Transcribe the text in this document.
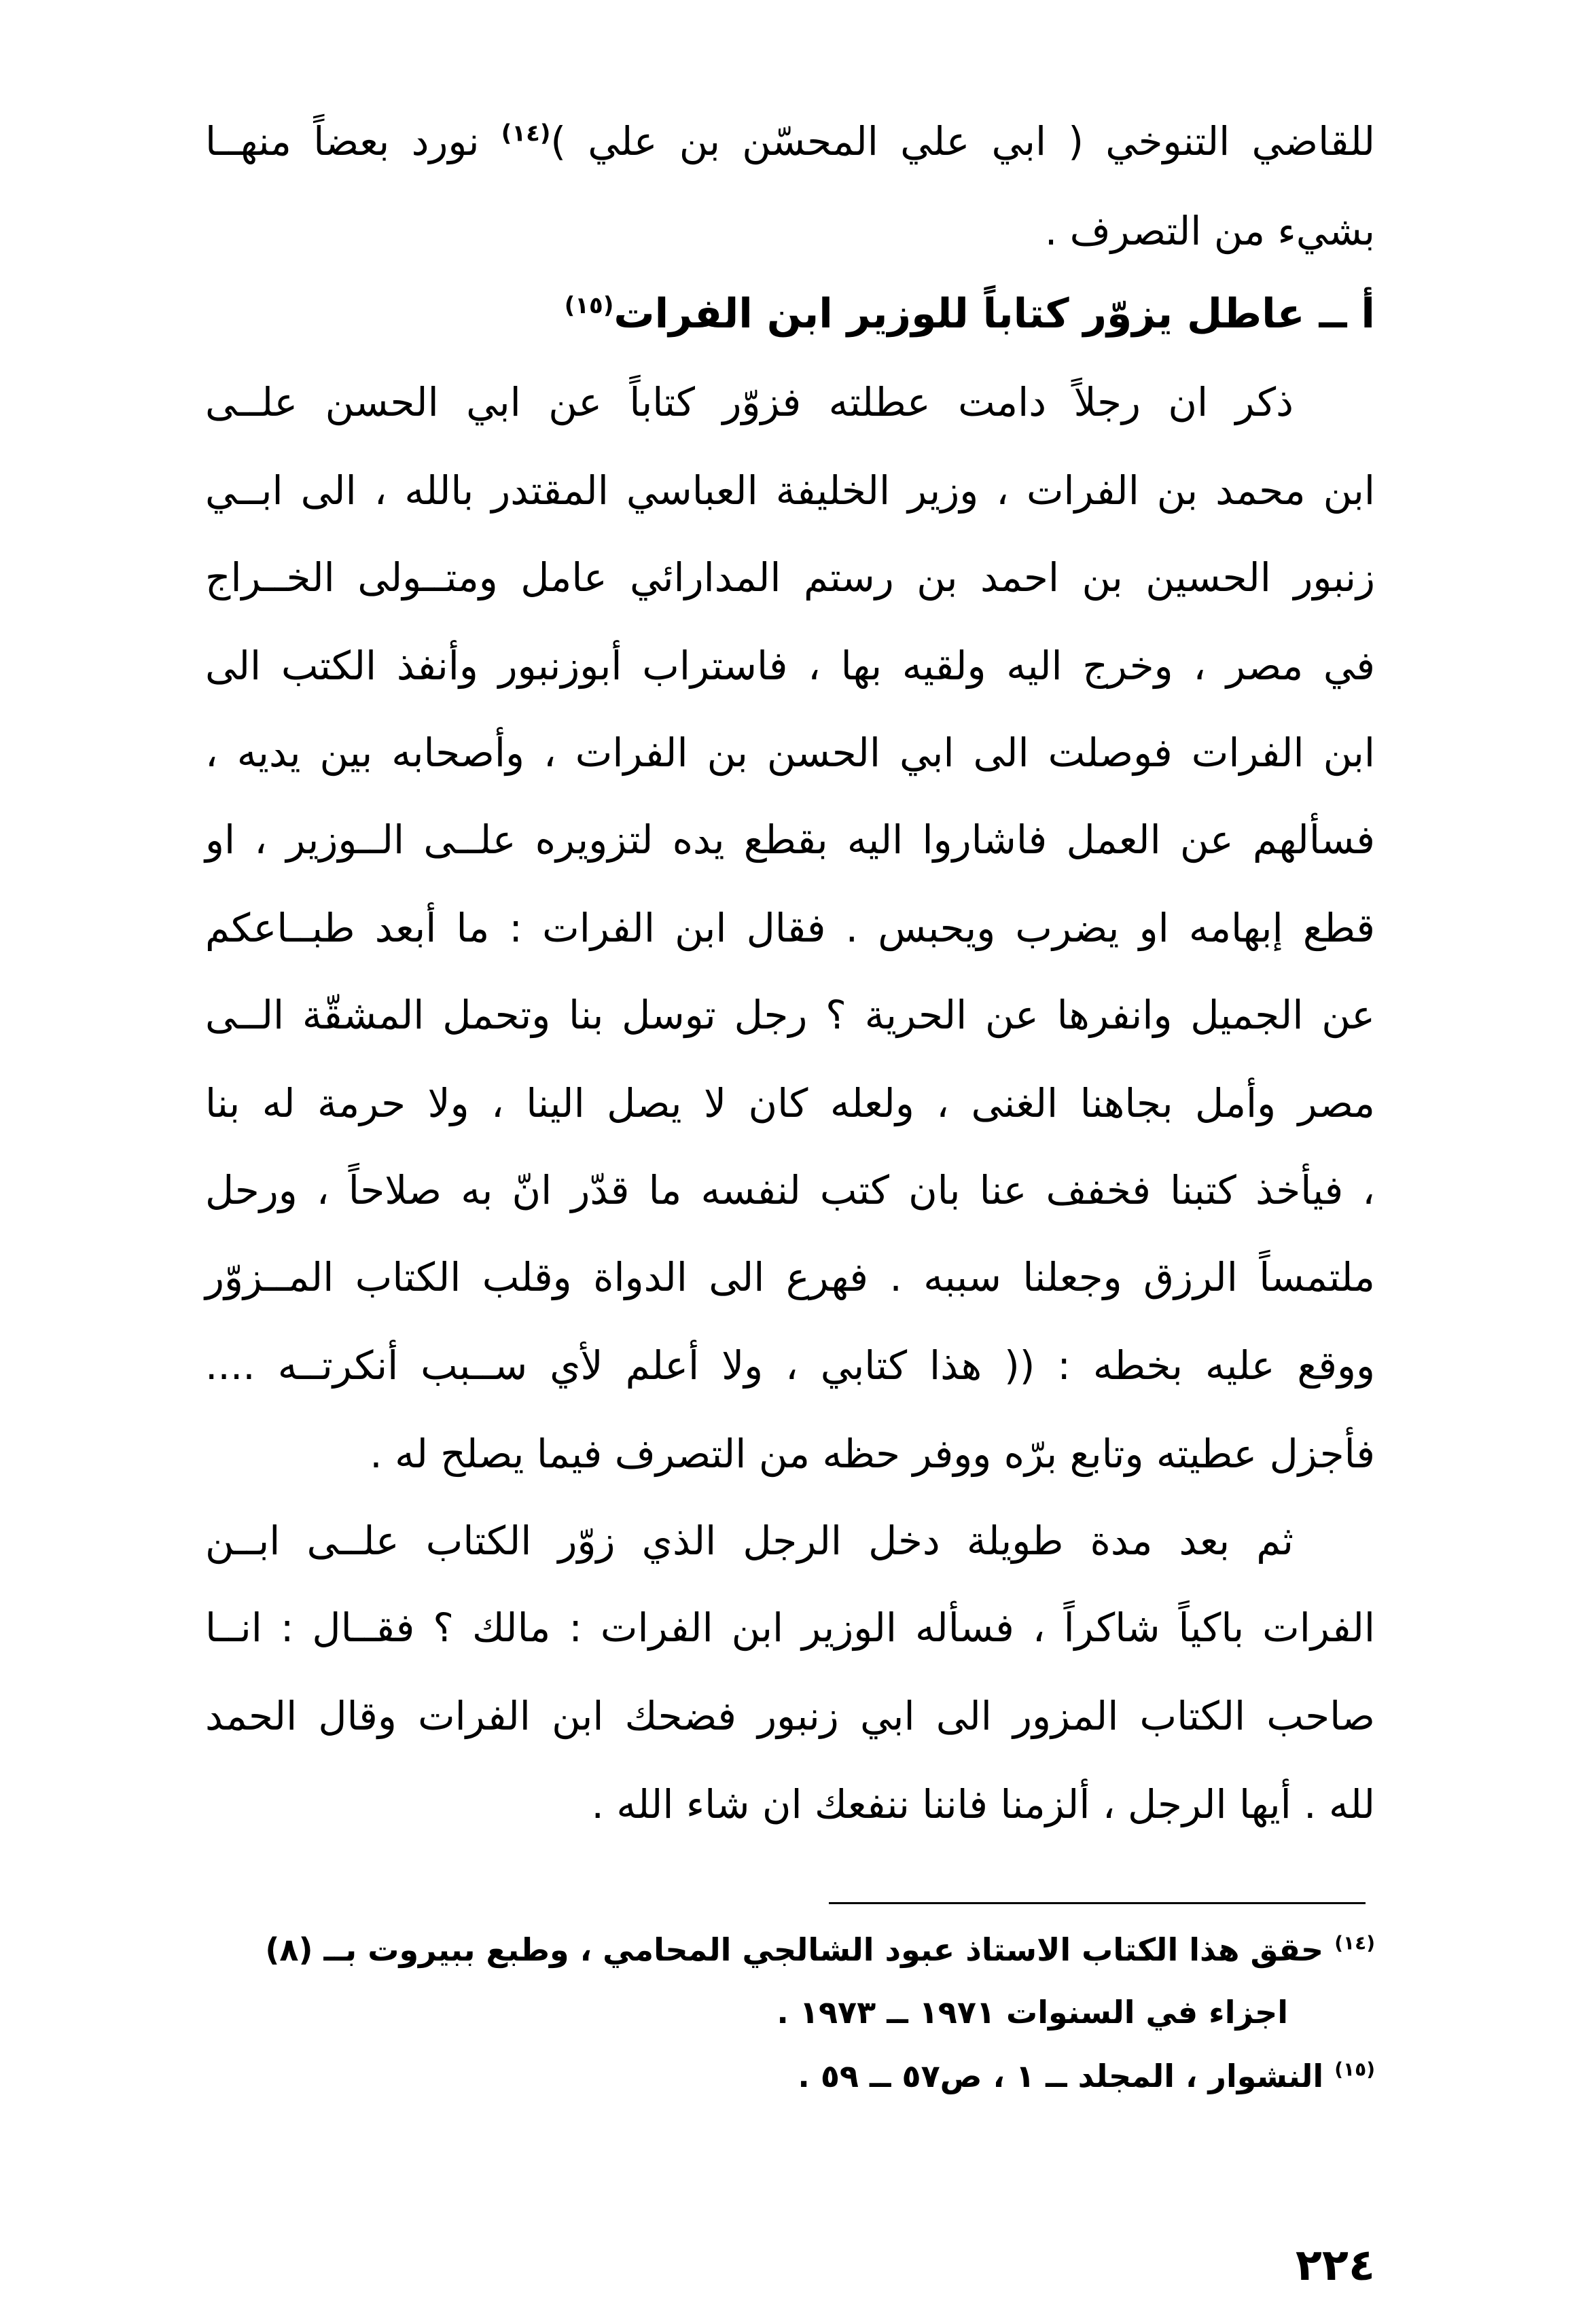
للقاضي التنوخي ( ابي علي المحسّن بن علي )$^{(١٤)}$ نورد بعضاً منهــا
بشيء من التصرف .
أ ــ عاطل يزوّر كتاباً للوزير ابن الفرات$^{(١٥)}$
ذكر ان رجلاً دامت عطلته فزوّر كتاباً عن ابي الحسن علــى
ابن محمد بن الفرات ، وزير الخليفة العباسي المقتدر بالله ، الى ابــي
زنبور الحسين بن احمد بن رستم المدارائي عامل ومتــولى الخــراج
في مصر ، وخرج اليه ولقيه بها ، فاستراب أبوزنبور وأنفذ الكتب الى
ابن الفرات فوصلت الى ابي الحسن بن الفرات ، وأصحابه بين يديه ،
فسألهم عن العمل فاشاروا اليه بقطع يده لتزويره علــى الــوزير ، او
قطع إبهامه او يضرب ويحبس . فقال ابن الفرات : ما أبعد طبــاعكم
عن الجميل وانفرها عن الحرية ؟ رجل توسل بنا وتحمل المشقّة الــى
مصر وأمل بجاهنا الغنى ، ولعله كان لا يصل الينا ، ولا حرمة له بنا
، فيأخذ كتبنا فخفف عنا بان كتب لنفسه ما قدّر انّ به صلاحاً ، ورحل
ملتمساً الرزق وجعلنا سببه . فهرع الى الدواة وقلب الكتاب المــزوّر
ووقع عليه بخطه : (( هذا كتابي ، ولا أعلم لأي ســبب أنكرتــه ....
فأجزل عطيته وتابع برّه ووفر حظه من التصرف فيما يصلح له .
ثم بعد مدة طويلة دخل الرجل الذي زوّر الكتاب علــى ابــن
الفرات باكياً شاكراً ، فسأله الوزير ابن الفرات : مالك ؟ فقــال : انــا
صاحب الكتاب المزور الى ابي زنبور فضحك ابن الفرات وقال الحمد
لله . أيها الرجل ، ألزمنا فاننا ننفعك ان شاء الله .
$^{(١٤)}$ حقق هذا الكتاب الاستاذ عبود الشالجي المحامي ، وطبع ببيروت بــ (٨)
اجزاء في السنوات ١٩٧١ ــ ١٩٧٣ .
$^{(١٥)}$ النشوار ، المجلد ــ ١ ، ص٥٧ ــ ٥٩ .
٢٢٤
